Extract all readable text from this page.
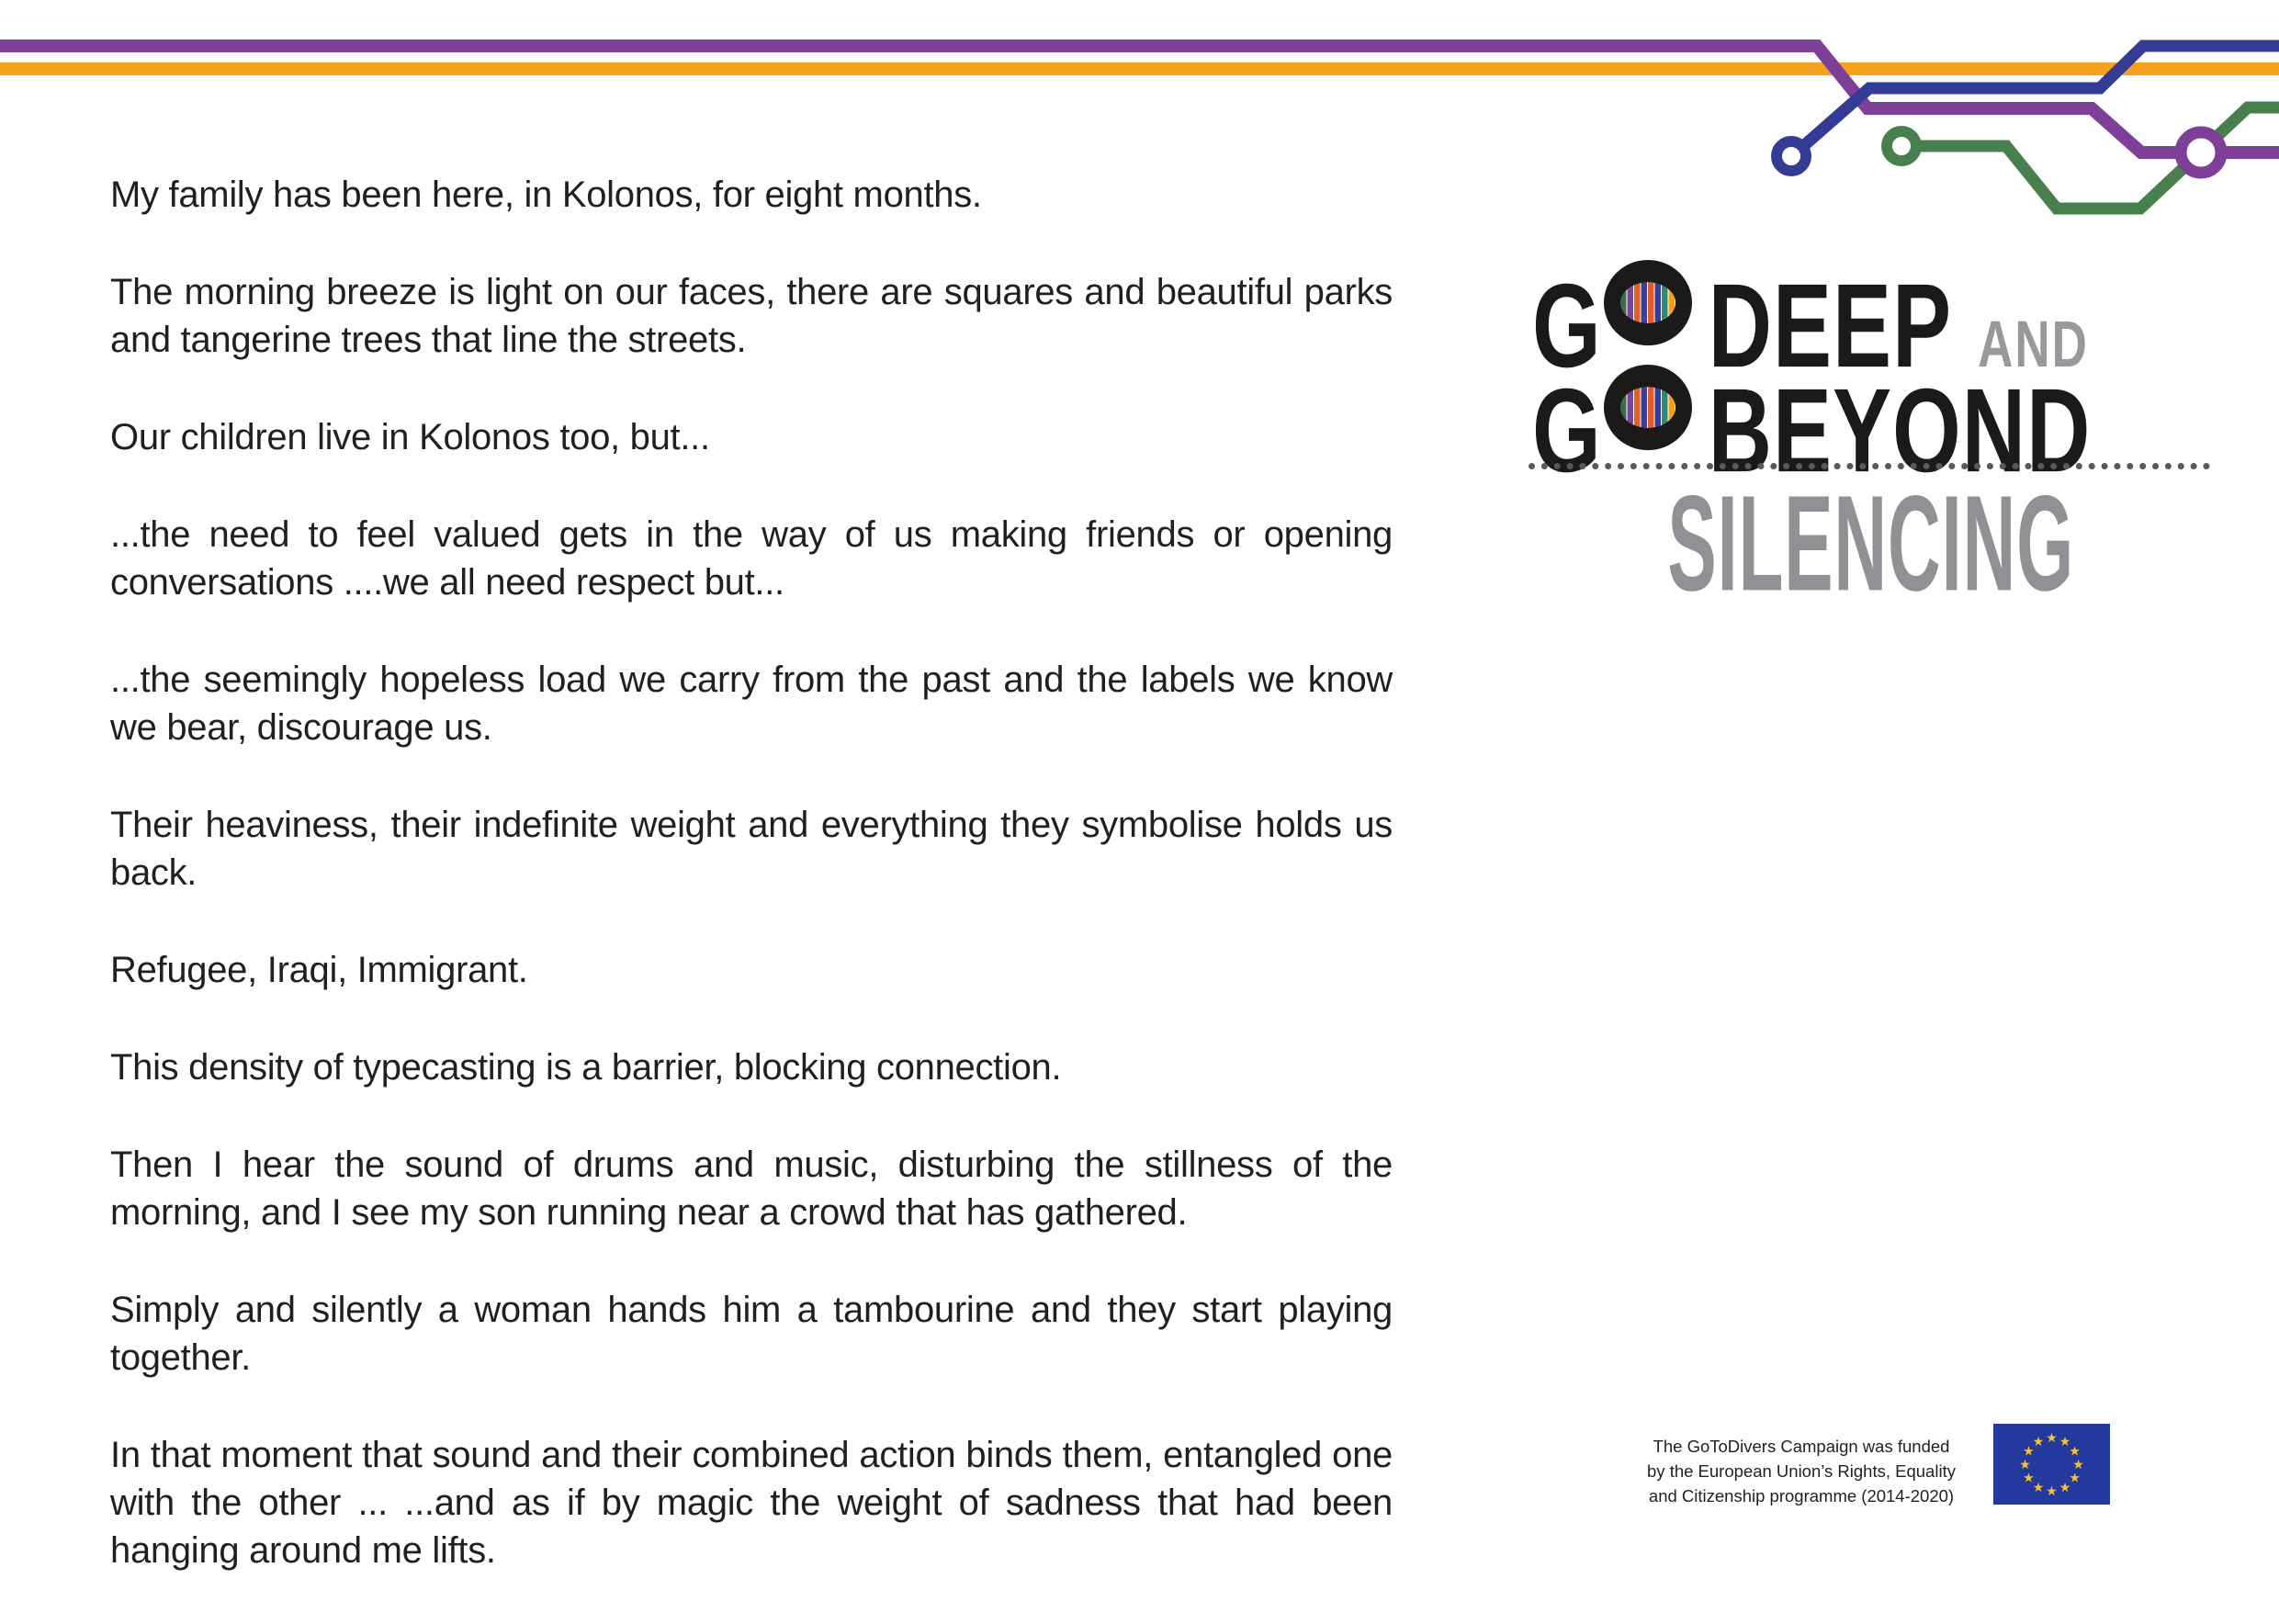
My family has been here, in Kolonos, for eight months.

The morning breeze is light on our faces, there are squares and beautiful parks and tangerine trees that line the streets.

Our children live in Kolonos too, but...

...the need to feel valued gets in the way of us making friends or opening conversations ....we all need respect but...

...the seemingly hopeless load we carry from the past and the labels we know we bear, discourage us.

Their heaviness, their indefinite weight and everything they symbolise holds us back.

Refugee, Iraqi, Immigrant.

This density of typecasting is a barrier, blocking connection.

Then I hear the sound of drums and music, disturbing the stillness of the morning, and I see my son running near a crowd that has gathered.

Simply and silently a woman hands him a tambourine and they start playing together.

In that moment that sound and their combined action binds them, entangled one with the other ... ...and as if by magic the weight of sadness that had been hanging around me lifts.

G DEEP AND
G BEYOND
SILENCING
The GoToDivers Campaign was funded
by the European Union’s Rights, Equality
and Citizenship programme (2014-2020)
★ ★
★
★
★
★
★
★
★
★
★
★
